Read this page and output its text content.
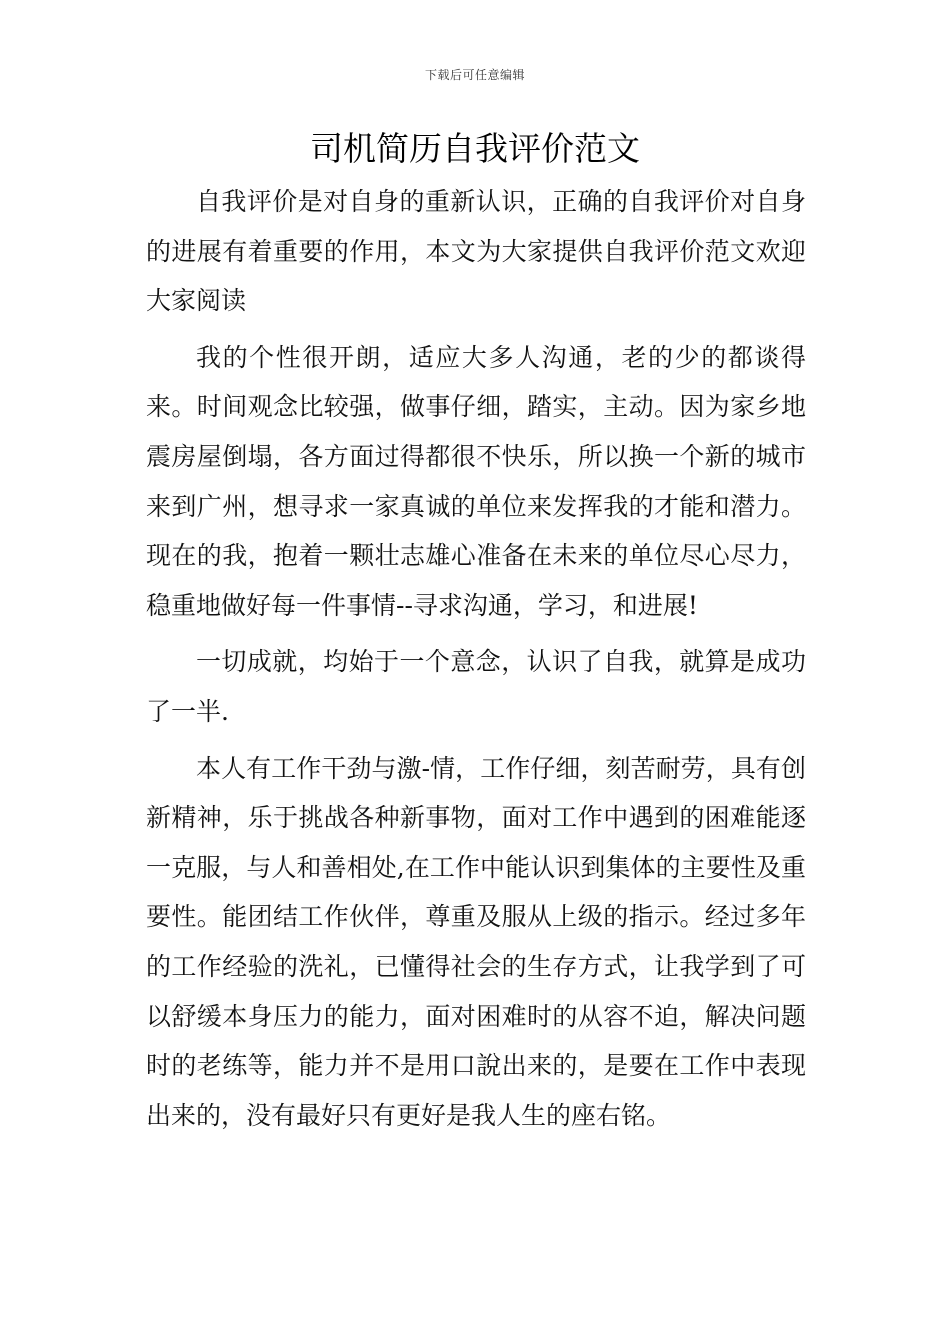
下载后可任意编辑
司机简历自我评价范文

自我评价是对自身的重新认识，正确的自我评价对自身的进展有着重要的作用，本文为大家提供自我评价范文欢迎大家阅读

我的个性很开朗，适应大多人沟通，老的少的都谈得来。时间观念比较强，做事仔细，踏实，主动。因为家乡地震房屋倒塌，各方面过得都很不快乐，所以换一个新的城市来到广州，想寻求一家真诚的单位来发挥我的才能和潜力。现在的我，抱着一颗壮志雄心准备在未来的单位尽心尽力，稳重地做好每一件事情--寻求沟通，学习，和进展!

一切成就，均始于一个意念，认识了自我，就算是成功了一半.

本人有工作干劲与激-情，工作仔细，刻苦耐劳，具有创新精神，乐于挑战各种新事物，面对工作中遇到的困难能逐一克服，与人和善相处,在工作中能认识到集体的主要性及重要性。能团结工作伙伴，尊重及服从上级的指示。经过多年的工作经验的洗礼，已懂得社会的生存方式，让我学到了可以舒缓本身压力的能力，面对困难时的从容不迫，解决问题时的老练等，能力并不是用口說出来的，是要在工作中表现出来的，没有最好只有更好是我人生的座右铭。
